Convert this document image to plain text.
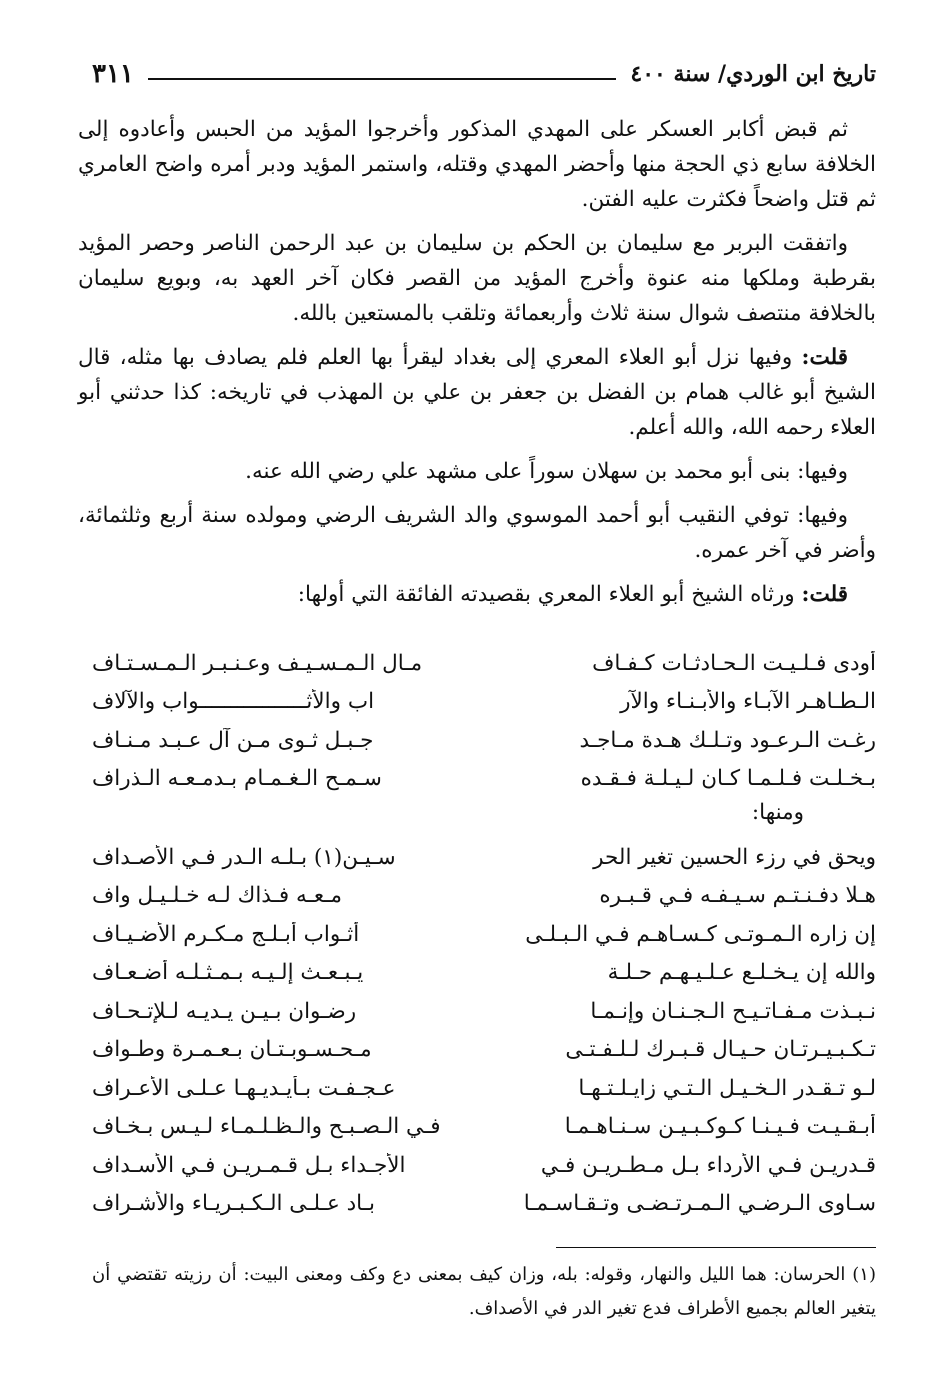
تاريخ ابن الوردي/ سنة ٤٠٠
٣١١

ثم قبض أكابر العسكر على المهدي المذكور وأخرجوا المؤيد من الحبس وأعادوه إلى الخلافة سابع ذي الحجة منها وأحضر المهدي وقتله، واستمر المؤيد ودبر أمره واضح العامري ثم قتل واضحاً فكثرت عليه الفتن.

واتفقت البربر مع سليمان بن الحكم بن سليمان بن عبد الرحمن الناصر وحصر المؤيد بقرطبة وملكها منه عنوة وأخرج المؤيد من القصر فكان آخر العهد به، وبويع سليمان بالخلافة منتصف شوال سنة ثلاث وأربعمائة وتلقب بالمستعين بالله.

قلت: وفيها نزل أبو العلاء المعري إلى بغداد ليقرأ بها العلم فلم يصادف بها مثله، قال الشيخ أبو غالب همام بن الفضل بن جعفر بن علي بن المهذب في تاريخه: كذا حدثني أبو العلاء رحمه الله، والله أعلم.

وفيها: بنى أبو محمد بن سهلان سوراً على مشهد علي رضي الله عنه.

وفيها: توفي النقيب أبو أحمد الموسوي والد الشريف الرضي ومولده سنة أربع وثلثمائة، وأضر في آخر عمره.

قلت: ورثاه الشيخ أبو العلاء المعري بقصيدته الفائقة التي أولها:

أودى فـلـيـت الـحـادثـات كـفـاف
مـال الـمـسـيـف وعـنـبـر الـمـسـتـاف
الـطـاهـر الآبـاء والأبـنـاء والآر
اب والأثـــــــــــــــــواب والآلاف
رغـت الـرعـود وتـلـك هـدة مـاجـد
جـبـل ثـوى مـن آل عـبـد مـنـاف
بـخـلـت فـلـمـا كـان لـيـلـة فـقـده
سـمـح الـغـمـام بـدمـعـه الـذراف
ومنها:
ويحق في رزء الحسين تغير الحر
سـيـن(١) بـلـه الـدر فـي الأصـداف
هـلا دفـنـتـم سـيـفـه فـي قـبـره
مـعـه فـذاك لـه خـلـيـل واف
إن زاره الـمـوتـى كـسـاهـم فـي الـبـلـى
أثـواب أبـلـج مـكـرم الأضـيـاف
والله إن يـخـلـع عـلـيـهـم حـلـة
يـبـعـث إلـيـه بـمـثـلـه أضـعـاف
نـبـذت مـفـاتـيـح الـجـنـان وإنـمـا
رضـوان بـيـن يـديـه لـلإتـحـاف
تـكـبـيـرتـان حـيـال قـبـرك لـلـفـتـى
مـحـسـوبـتـان بـعـمـرة وطـواف
لـو تـقـدر الـخـيـل الـتـي زايـلـتـهـا
عـجـفـت بـأيـديـهـا عـلـى الأعـراف
أبـقـيـت فـيـنـا كـوكـبـيـن سـنـاهـمـا
فـي الـصـبـح والـظـلـمـاء لـيـس بـخـاف
قـدريـن فـي الأرداء بـل مـطـريـن فـي
الأجـداء بـل قـمـريـن فـي الأسـداف
سـاوى الـرضـي الـمـرتـضـى وتـقـاسـمـا
بـاد عـلـى الـكـبـريـاء والأشـراف

(١) الحرسان: هما الليل والنهار، وقوله: بله، وزان كيف بمعنى دع وكف ومعنى البيت: أن رزيته تقتضي أن يتغير العالم بجميع الأطراف فدع تغير الدر في الأصداف.
